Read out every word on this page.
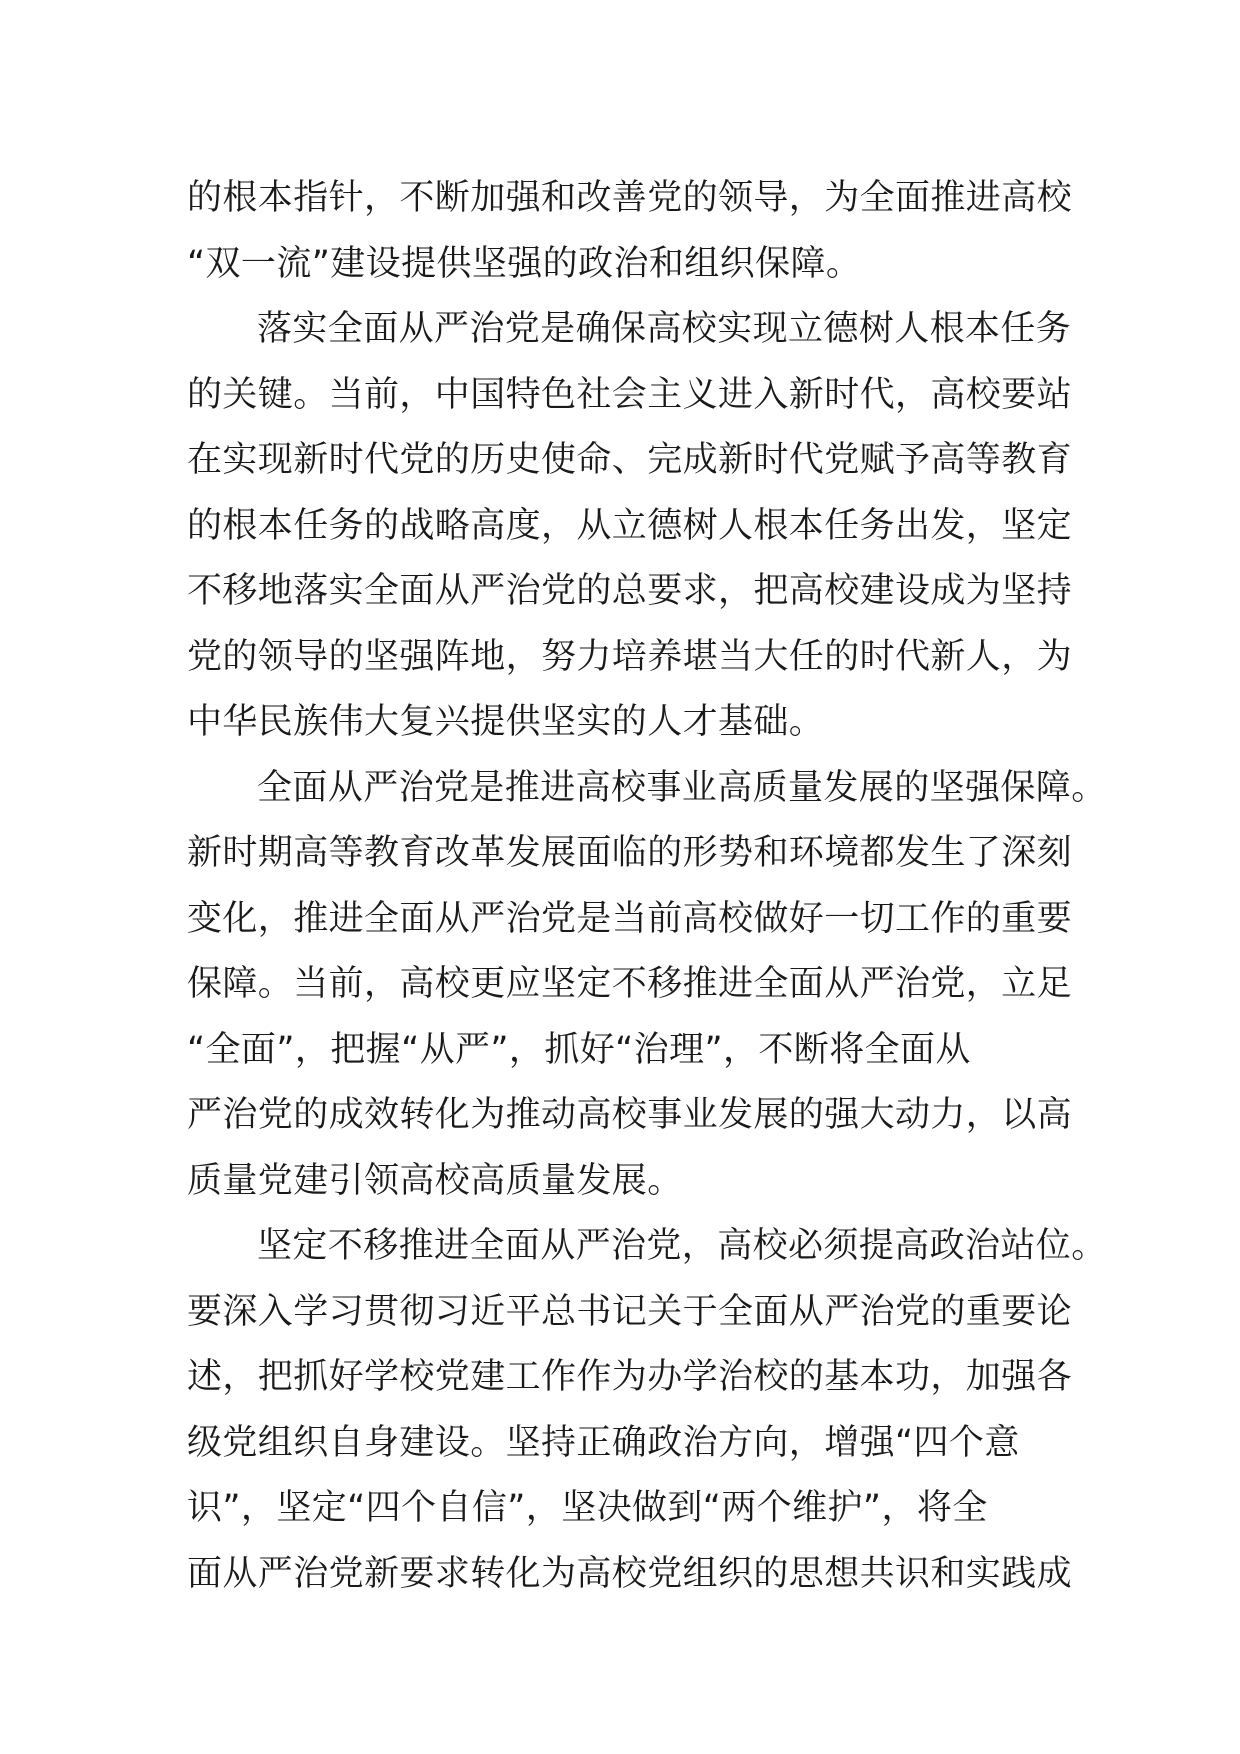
的根本指针，不断加强和改善党的领导，为全面推进高校
“双一流”建设提供坚强的政治和组织保障。
落实全面从严治党是确保高校实现立德树人根本任务
的关键。当前，中国特色社会主义进入新时代，高校要站
在实现新时代党的历史使命、完成新时代党赋予高等教育
的根本任务的战略高度，从立德树人根本任务出发，坚定
不移地落实全面从严治党的总要求，把高校建设成为坚持
党的领导的坚强阵地，努力培养堪当大任的时代新人，为
中华民族伟大复兴提供坚实的人才基础。
全面从严治党是推进高校事业高质量发展的坚强保障。
新时期高等教育改革发展面临的形势和环境都发生了深刻
变化，推进全面从严治党是当前高校做好一切工作的重要
保障。当前，高校更应坚定不移推进全面从严治党，立足
“全面”，把握“从严”，抓好“治理”，不断将全面从
严治党的成效转化为推动高校事业发展的强大动力，以高
质量党建引领高校高质量发展。
坚定不移推进全面从严治党，高校必须提高政治站位。
要深入学习贯彻习近平总书记关于全面从严治党的重要论
述，把抓好学校党建工作作为办学治校的基本功，加强各
级党组织自身建设。坚持正确政治方向，增强“四个意
识”，坚定“四个自信”，坚决做到“两个维护”，将全
面从严治党新要求转化为高校党组织的思想共识和实践成
